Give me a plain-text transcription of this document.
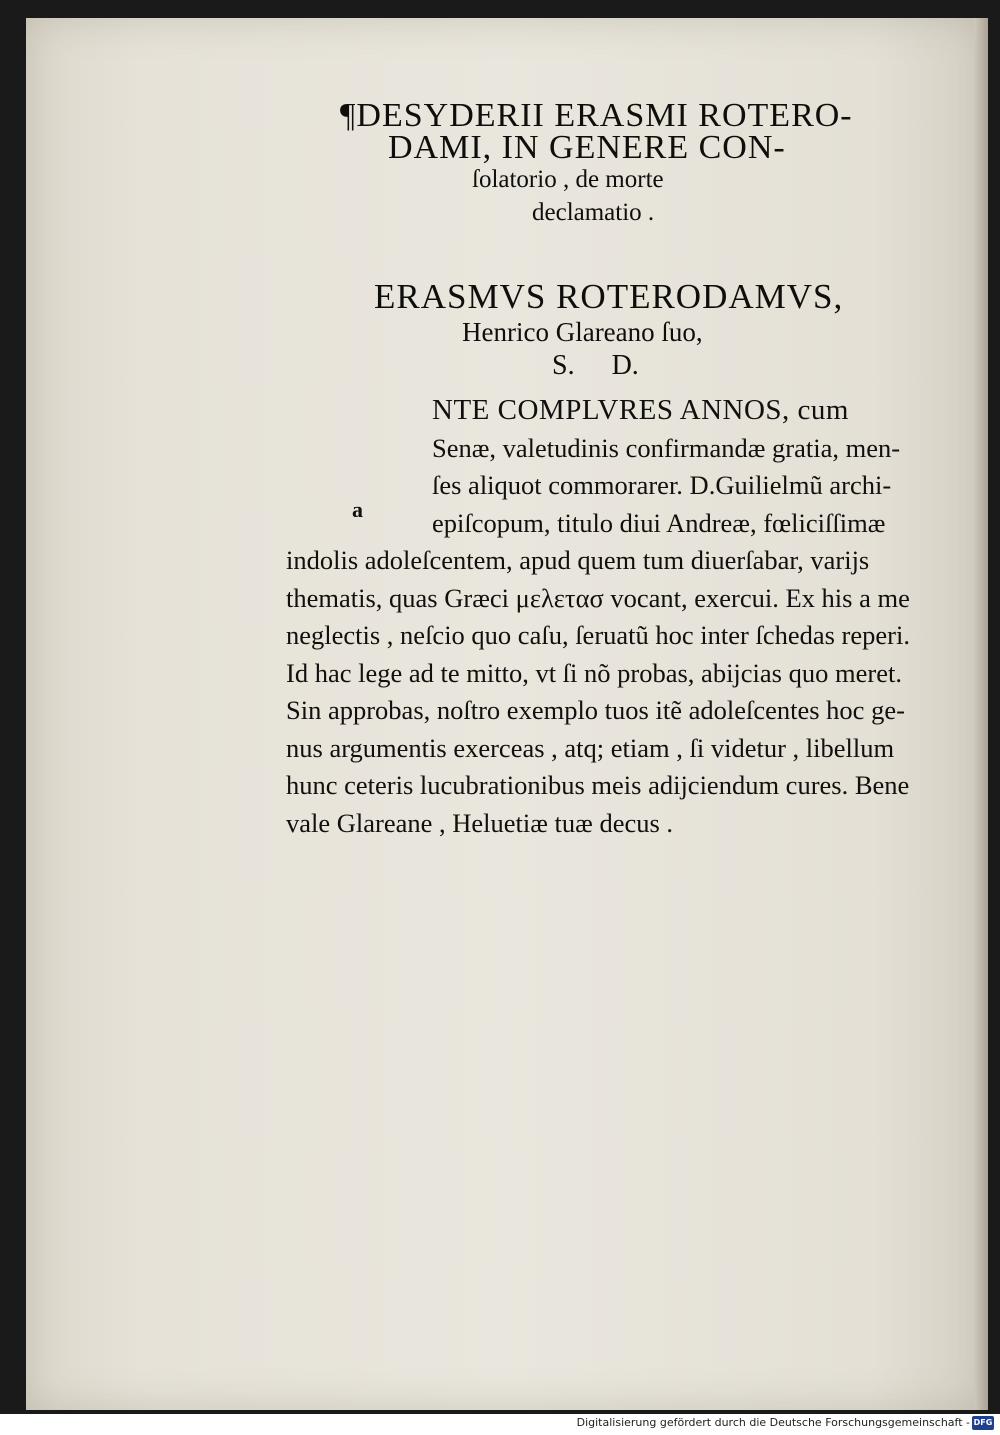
¶DESYDERII ERASMI ROTERO-
DAMI, IN GENERE CON-
ſolatorio , de morte
declamatio .
ERASMVS ROTERODAMVS,
Henrico Glareano ſuo,
S. D.
a
NTE COMPLVRES ANNOS, cum
Senæ, valetudinis confirmandæ gratia, men-
ſes aliquot commorarer. D.Guilielmũ archi-
epiſcopum, titulo diui Andreæ, fœliciſſimæ
indolis adoleſcentem, apud quem tum diuerſabar, varijs
thematis, quas Græci μελετασ vocant, exercui. Ex his a me
neglectis , neſcio quo caſu, ſeruatũ hoc inter ſchedas reperi.
Id hac lege ad te mitto, vt ſi nõ probas, abijcias quo meret.
Sin approbas, noſtro exemplo tuos itẽ adoleſcentes hoc ge-
nus argumentis exerceas , atq; etiam , ſi videtur , libellum
hunc ceteris lucubrationibus meis adijciendum cures. Bene
vale Glareane , Heluetiæ tuæ decus .
Digitalisierung gefördert durch die Deutsche Forschungsgemeinschaft - DFG
